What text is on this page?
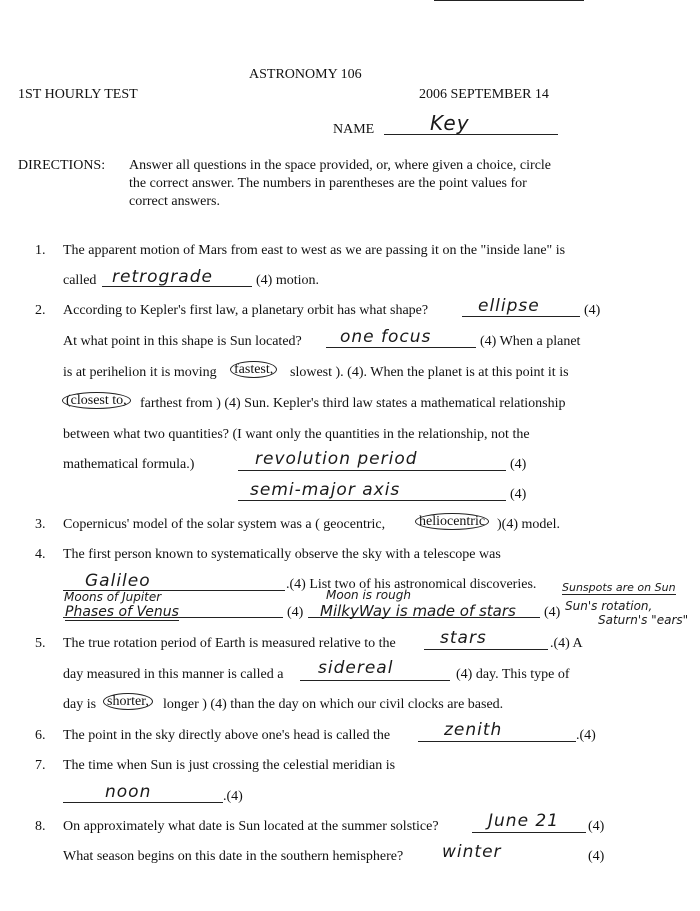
ASTRONOMY 106
1ST HOURLY TEST	2006 SEPTEMBER 14
NAME	Key
DIRECTIONS: Answer all questions in the space provided, or, where given a choice, circle
the correct answer. The numbers in parentheses are the point values for
correct answers.
1. The apparent motion of Mars from east to west as we are passing it on the "inside lane" is
called retrograde	(4) motion.
2. According to Kepler's first law, a planetary orbit has what shape?	ellipse	(4)
At what point in this shape is Sun located? one focus	(4) When a planet
is at perihelion it is moving fastest, slowest ). (4). When the planet is at this point it is
(closest to, farthest from ) (4) Sun. Kepler's third law states a mathematical relationship
between what two quantities? (I want only the quantities in the relationship, not the
mathematical formula.)	revolution period	(4)
semi-major axis	(4)
3. Copernicus' model of the solar system was a ( geocentric, heliocentric )(4) model.
4. The first person known to systematically observe the sky with a telescope was
Galileo	.(4) List two of his astronomical discoveries. Sunspots are on Sun
Moons of Jupiter	Moon is rough
Phases of Venus	(4) MilkyWay is made of stars (4) Sun's rotation,
Saturn's "ears"
5. The true rotation period of Earth is measured relative to the	stars	.(4) A
day measured in this manner is called a sidereal	(4) day. This type of
day is shorter, longer ) (4) than the day on which our civil clocks are based.
6. The point in the sky directly above one's head is called the	zenith	.(4)
7. The time when Sun is just crossing the celestial meridian is
noon	.(4)
8. On approximately what date is Sun located at the summer solstice?	June 21 (4)
What season begins on this date in the southern hemisphere? winter	(4)
